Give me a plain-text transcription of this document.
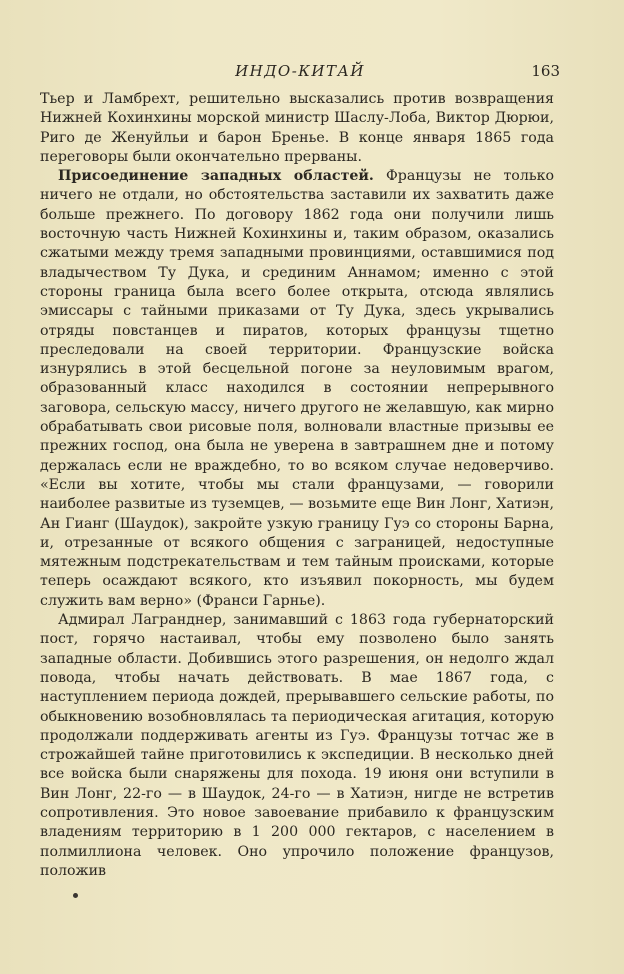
ИНДО-КИТАЙ	163

Тьер и Ламбрехт, решительно высказались против возвращения Нижней Кохинхины морской министр Шаслу-Лоба, Виктор Дюрюи, Риго де Женуйльи и барон Бренье. В конце января 1865 года переговоры были окончательно прерваны.

Присоединение западных областей. Французы не только ничего не отдали, но обстоятельства заставили их захватить даже больше прежнего. По договору 1862 года они получили лишь восточную часть Нижней Кохинхины и, таким образом, оказались сжатыми между тремя западными провинциями, оставшимися под владычеством Ту Дука, и срединим Аннамом; именно с этой стороны граница была всего более открыта, отсюда являлись эмиссары с тайными приказами от Ту Дука, здесь укрывались отряды повстанцев и пиратов, которых французы тщетно преследовали на своей территории. Французские войска изнурялись в этой бесцельной погоне за неуловимым врагом, образованный класс находился в состоянии непрерывного заговора, сельскую массу, ничего другого не желавшую, как мирно обрабатывать свои рисовые поля, волновали властные призывы ее прежних господ, она была не уверена в завтрашнем дне и потому держалась если не враждебно, то во всяком случае недоверчиво. «Если вы хотите, чтобы мы стали французами, — говорили наиболее развитые из туземцев, — возьмите еще Вин Лонг, Хатиэн, Ан Гианг (Шаудок), закройте узкую границу Гуэ со стороны Барна, и, отрезанные от всякого общения с заграницей, недоступные мятежным подстрекательствам и тем тайным происками, которые теперь осаждают всякого, кто изъявил покорность, мы будем служить вам верно» (Франси Гарнье).

Адмирал Лагранднер, занимавший с 1863 года губернаторский пост, горячо настаивал, чтобы ему позволено было занять западные области. Добившись этого разрешения, он недолго ждал повода, чтобы начать действовать. В мае 1867 года, с наступлением периода дождей, прерывавшего сельские работы, по обыкновению возобновлялась та периодическая агитация, которую продолжали поддерживать агенты из Гуэ. Французы тотчас же в строжайшей тайне приготовились к экспедиции. В несколько дней все войска были снаряжены для похода. 19 июня они вступили в Вин Лонг, 22-го — в Шаудок, 24-го — в Хатиэн, нигде не встретив сопротивления. Это новое завоевание прибавило к французским владениям территорию в 1 200 000 гектаров, с населением в полмиллиона человек. Оно упрочило положение французов, положив
